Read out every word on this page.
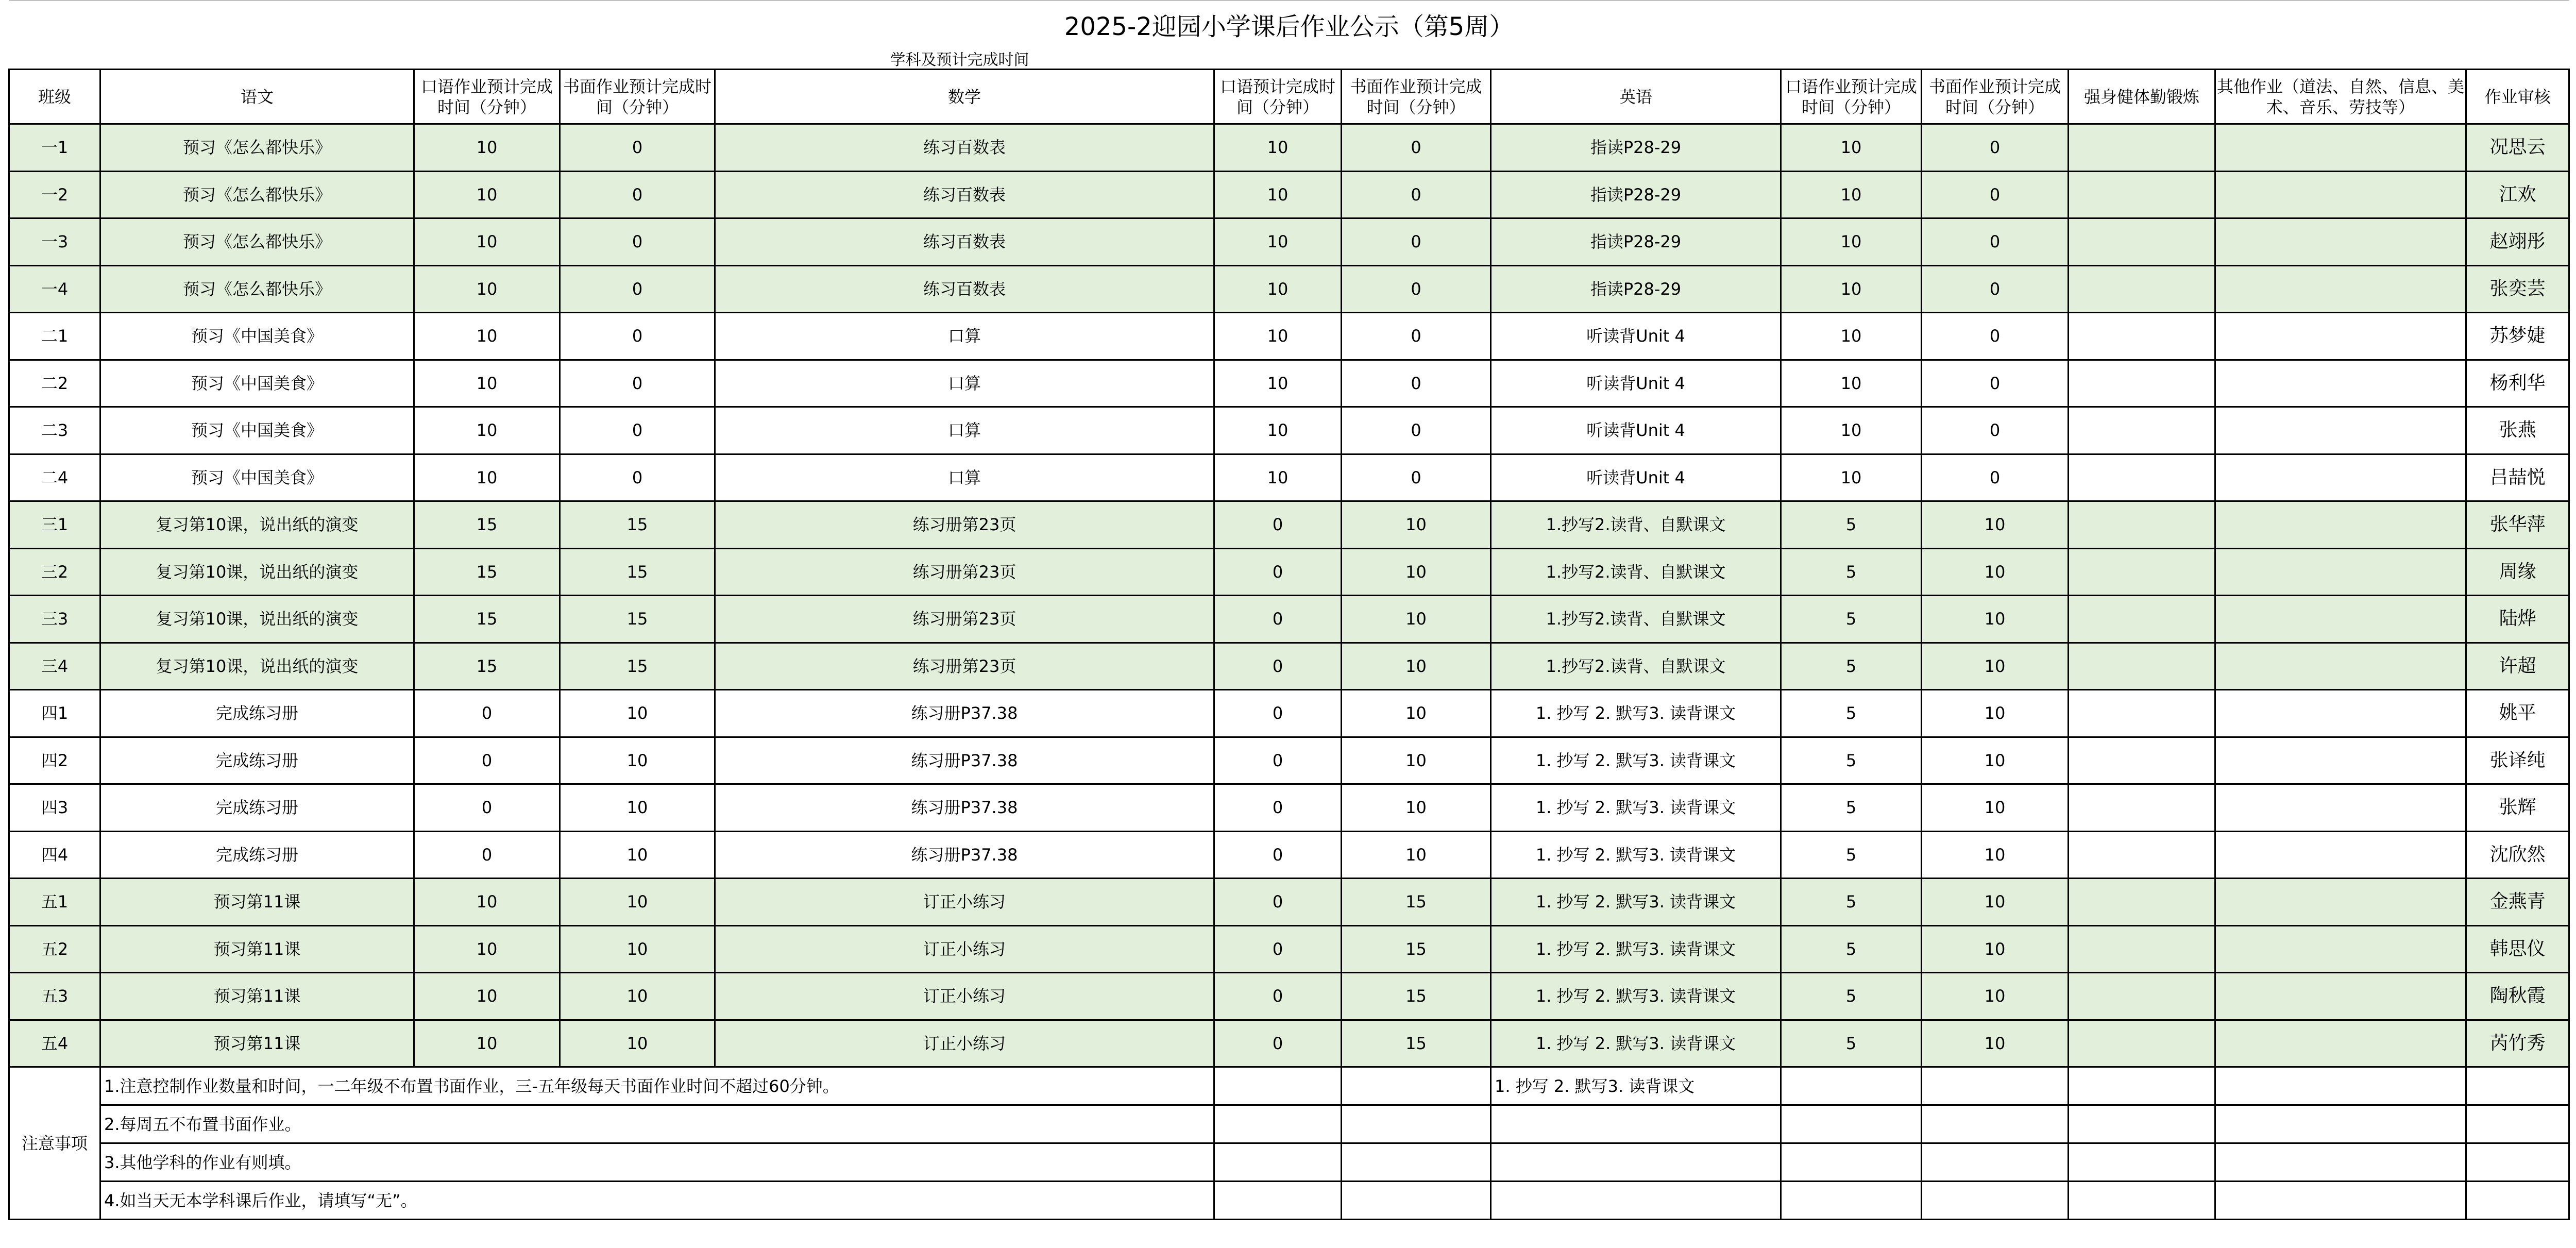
2025-2迎园小学课后作业公示（第5周）												
				学科及预计完成时间								
班级	语文	口语作业预计完成时间（分钟）	书面作业预计完成时间（分钟）	数学	口语预计完成时间（分钟）	书面作业预计完成时间（分钟）	英语	口语作业预计完成时间（分钟）	书面作业预计完成时间（分钟）	强身健体勤锻炼	其他作业（道法、自然、信息、美术、音乐、劳技等）	作业审核
一1	预习《怎么都快乐》	10	0	练习百数表	10	0	指读P28-29	10	0			况思云
一2	预习《怎么都快乐》	10	0	练习百数表	10	0	指读P28-29	10	0			江欢
一3	预习《怎么都快乐》	10	0	练习百数表	10	0	指读P28-29	10	0			赵翊彤
一4	预习《怎么都快乐》	10	0	练习百数表	10	0	指读P28-29	10	0			张奕芸
二1	预习《中国美食》	10	0	口算	10	0	听读背Unit 4	10	0			苏梦婕
二2	预习《中国美食》	10	0	口算	10	0	听读背Unit 4	10	0			杨利华
二3	预习《中国美食》	10	0	口算	10	0	听读背Unit 4	10	0			张燕
二4	预习《中国美食》	10	0	口算	10	0	听读背Unit 4	10	0			吕喆悦
三1	复习第10课，说出纸的演变	15	15	练习册第23页	0	10	1.抄写2.读背、自默课文	5	10			张华萍
三2	复习第10课，说出纸的演变	15	15	练习册第23页	0	10	1.抄写2.读背、自默课文	5	10			周缘
三3	复习第10课，说出纸的演变	15	15	练习册第23页	0	10	1.抄写2.读背、自默课文	5	10			陆烨
三4	复习第10课，说出纸的演变	15	15	练习册第23页	0	10	1.抄写2.读背、自默课文	5	10			许超
四1	完成练习册	0	10	练习册P37.38	0	10	1. 抄写 2. 默写3. 读背课文	5	10			姚平
四2	完成练习册	0	10	练习册P37.38	0	10	1. 抄写 2. 默写3. 读背课文	5	10			张译纯
四3	完成练习册	0	10	练习册P37.38	0	10	1. 抄写 2. 默写3. 读背课文	5	10			张辉
四4	完成练习册	0	10	练习册P37.38	0	10	1. 抄写 2. 默写3. 读背课文	5	10			沈欣然
五1	预习第11课	10	10	订正小练习	0	15	1. 抄写 2. 默写3. 读背课文	5	10			金燕青
五2	预习第11课	10	10	订正小练习	0	15	1. 抄写 2. 默写3. 读背课文	5	10			韩思仪
五3	预习第11课	10	10	订正小练习	0	15	1. 抄写 2. 默写3. 读背课文	5	10			陶秋霞
五4	预习第11课	10	10	订正小练习	0	15	1. 抄写 2. 默写3. 读背课文	5	10			芮竹秀
注意事项	1.注意控制作业数量和时间，一二年级不布置书面作业，三-五年级每天书面作业时间不超过60分钟。						1. 抄写 2. 默写3. 读背课文					
	2.每周五不布置书面作业。											
	3.其他学科的作业有则填。											
	4.如当天无本学科课后作业，请填写“无”。											
